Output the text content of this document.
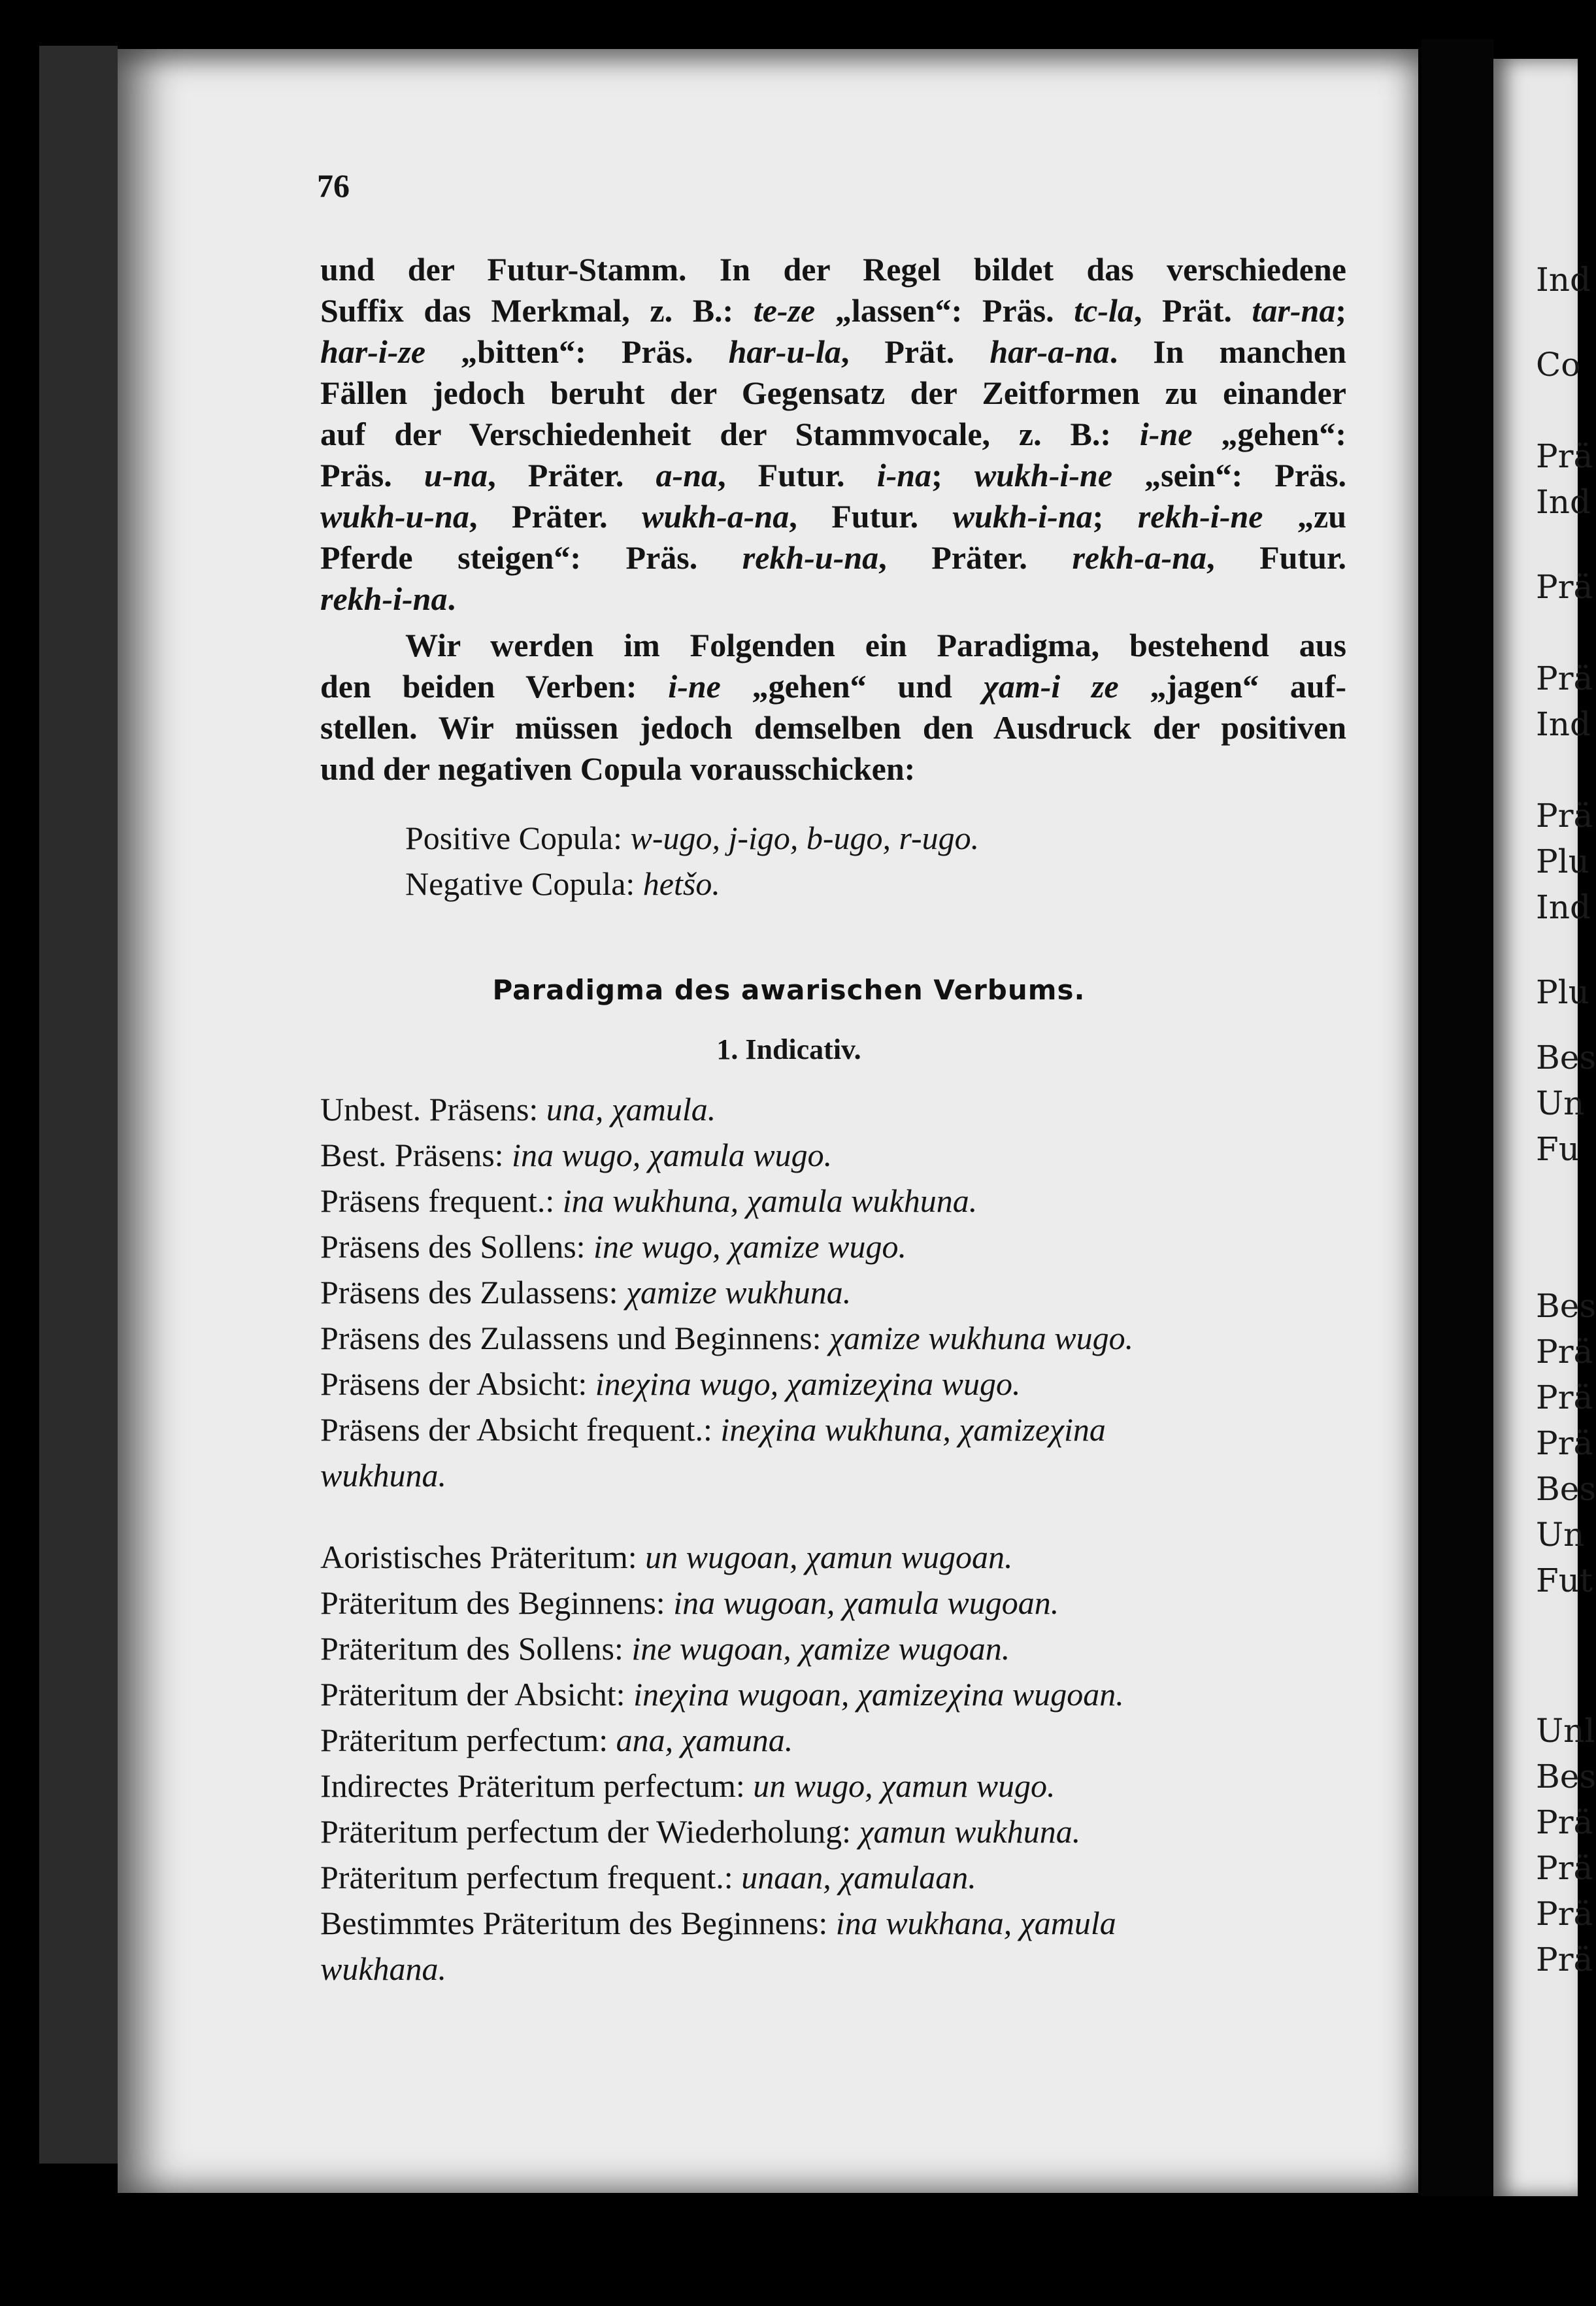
76
und der Futur-Stamm. In der Regel bildet das verschiedene
Suffix das Merkmal, z. B.: te-ze „lassen“: Präs. tc-la, Prät. tar-na;
har-i-ze „bitten“: Präs. har-u-la, Prät. har-a-na. In manchen
Fällen jedoch beruht der Gegensatz der Zeitformen zu einander
auf der Verschiedenheit der Stammvocale, z. B.: i-ne „gehen“:
Präs. u-na, Präter. a-na, Futur. i-na; wukh-i-ne „sein“: Präs.
wukh-u-na, Präter. wukh-a-na, Futur. wukh-i-na; rekh-i-ne „zu
Pferde steigen“: Präs. rekh-u-na, Präter. rekh-a-na, Futur.
rekh-i-na.
Wir werden im Folgenden ein Paradigma, bestehend aus
den beiden Verben: i-ne „gehen“ und χam-i ze „jagen“ auf-
stellen. Wir müssen jedoch demselben den Ausdruck der positiven
und der negativen Copula vorausschicken:
Positive Copula: w-ugo, j-igo, b-ugo, r-ugo.
Negative Copula: hetšo.
Paradigma des awarischen Verbums.
1. Indicativ.
Unbest. Präsens: una, χamula.
Best. Präsens: ina wugo, χamula wugo.
Präsens frequent.: ina wukhuna, χamula wukhuna.
Präsens des Sollens: ine wugo, χamize wugo.
Präsens des Zulassens: χamize wukhuna.
Präsens des Zulassens und Beginnens: χamize wukhuna wugo.
Präsens der Absicht: ineχina wugo, χamizeχina wugo.
Präsens der Absicht frequent.: ineχina wukhuna, χamizeχina
wukhuna.
Aoristisches Präteritum: un wugoan, χamun wugoan.
Präteritum des Beginnens: ina wugoan, χamula wugoan.
Präteritum des Sollens: ine wugoan, χamize wugoan.
Präteritum der Absicht: ineχina wugoan, χamizeχina wugoan.
Präteritum perfectum: ana, χamuna.
Indirectes Präteritum perfectum: un wugo, χamun wugo.
Präteritum perfectum der Wiederholung: χamun wukhuna.
Präteritum perfectum frequent.: unaan, χamulaan.
Bestimmtes Präteritum des Beginnens: ina wukhana, χamula
wukhana.
Ind
Co
Prä
Ind
Prä
Prä
Ind
Prä
Plu
Ind
Plu
Bes
Un
Fu
Bes
Prä
Prä
Prä
Bes
Un
Fut
Unl
Bes
Prä
Prä
Prä
Prä
